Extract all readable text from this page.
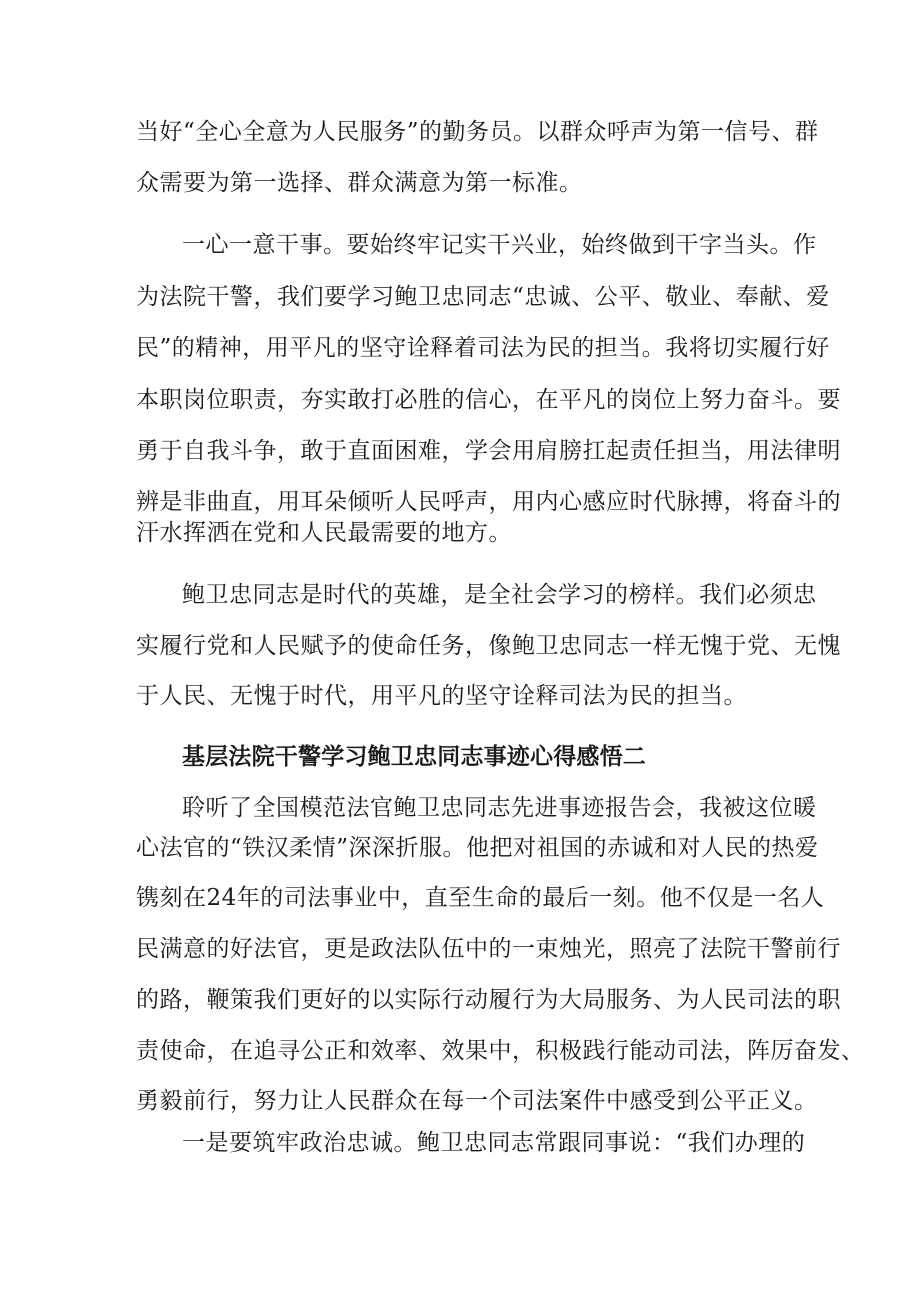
当好“全心全意为人民服务”的勤务员。以群众呼声为第一信号、群
众需要为第一选择、群众满意为第一标准。
一心一意干事。要始终牢记实干兴业，始终做到干字当头。作
为法院干警，我们要学习鲍卫忠同志“忠诚、公平、敬业、奉献、爱
民”的精神，用平凡的坚守诠释着司法为民的担当。我将切实履行好
本职岗位职责，夯实敢打必胜的信心，在平凡的岗位上努力奋斗。要
勇于自我斗争，敢于直面困难，学会用肩膀扛起责任担当，用法律明
辨是非曲直，用耳朵倾听人民呼声，用内心感应时代脉搏，将奋斗的
汗水挥洒在党和人民最需要的地方。
鲍卫忠同志是时代的英雄，是全社会学习的榜样。我们必须忠
实履行党和人民赋予的使命任务，像鲍卫忠同志一样无愧于党、无愧
于人民、无愧于时代，用平凡的坚守诠释司法为民的担当。
基层法院干警学习鲍卫忠同志事迹心得感悟二
聆听了全国模范法官鲍卫忠同志先进事迹报告会，我被这位暖
心法官的“铁汉柔情”深深折服。他把对祖国的赤诚和对人民的热爱
镌刻在24年的司法事业中，直至生命的最后一刻。他不仅是一名人
民满意的好法官，更是政法队伍中的一束烛光，照亮了法院干警前行
的路，鞭策我们更好的以实际行动履行为大局服务、为人民司法的职
责使命，在追寻公正和效率、效果中，积极践行能动司法，阵厉奋发、
勇毅前行，努力让人民群众在每一个司法案件中感受到公平正义。
一是要筑牢政治忠诚。鲍卫忠同志常跟同事说：“我们办理的
